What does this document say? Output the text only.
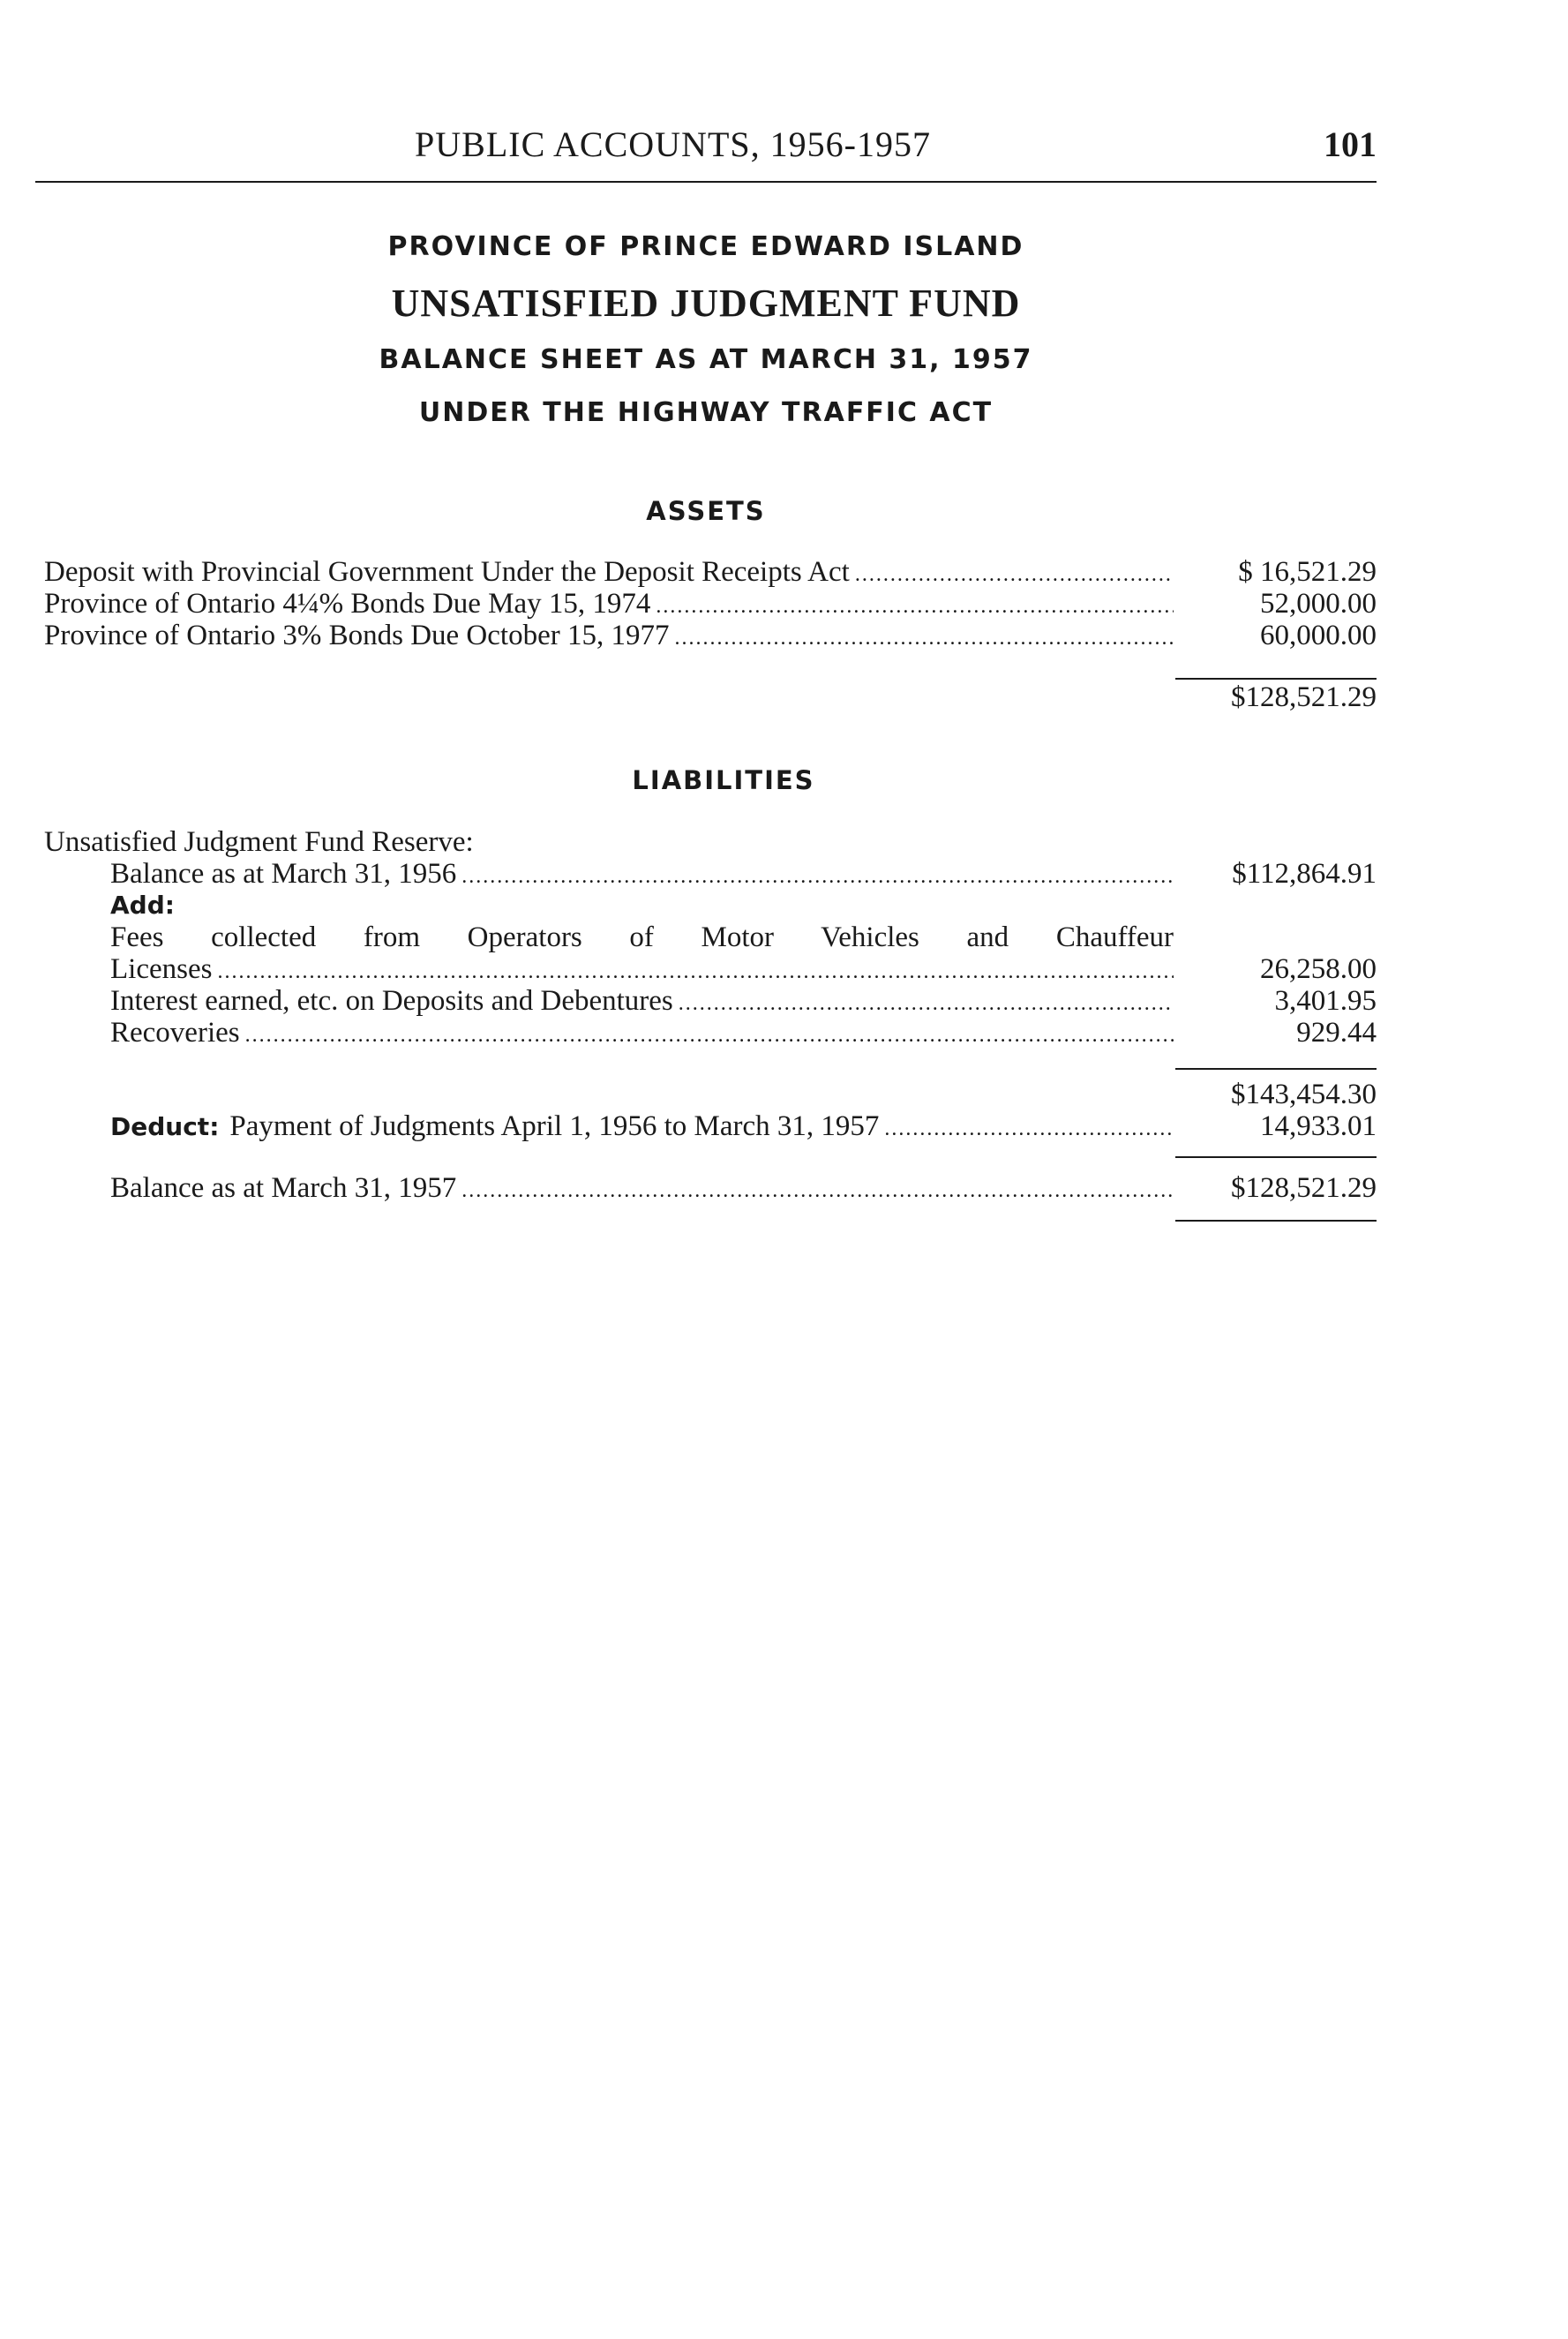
PUBLIC ACCOUNTS, 1956-1957	101
PROVINCE OF PRINCE EDWARD ISLAND
UNSATISFIED JUDGMENT FUND
BALANCE SHEET AS AT MARCH 31, 1957
UNDER THE HIGHWAY TRAFFIC ACT
ASSETS
Deposit with Provincial Government Under the Deposit Receipts Act .....	$ 16,521.29
Province of Ontario 4¼% Bonds Due May 15, 1974 .....	52,000.00
Province of Ontario 3% Bonds Due October 15, 1977 .....	60,000.00
$128,521.29
LIABILITIES
Unsatisfied Judgment Fund Reserve:
Balance as at March 31, 1956 .....	$112,864.91
Add:
Fees collected from Operators of Motor Vehicles and Chauffeur
Licenses .....	26,258.00
Interest earned, etc. on Deposits and Debentures .....	3,401.95
Recoveries .....	929.44
$143,454.30
Deduct: Payment of Judgments April 1, 1956 to March 31, 1957 .....	14,933.01
Balance as at March 31, 1957 .....	$128,521.29
